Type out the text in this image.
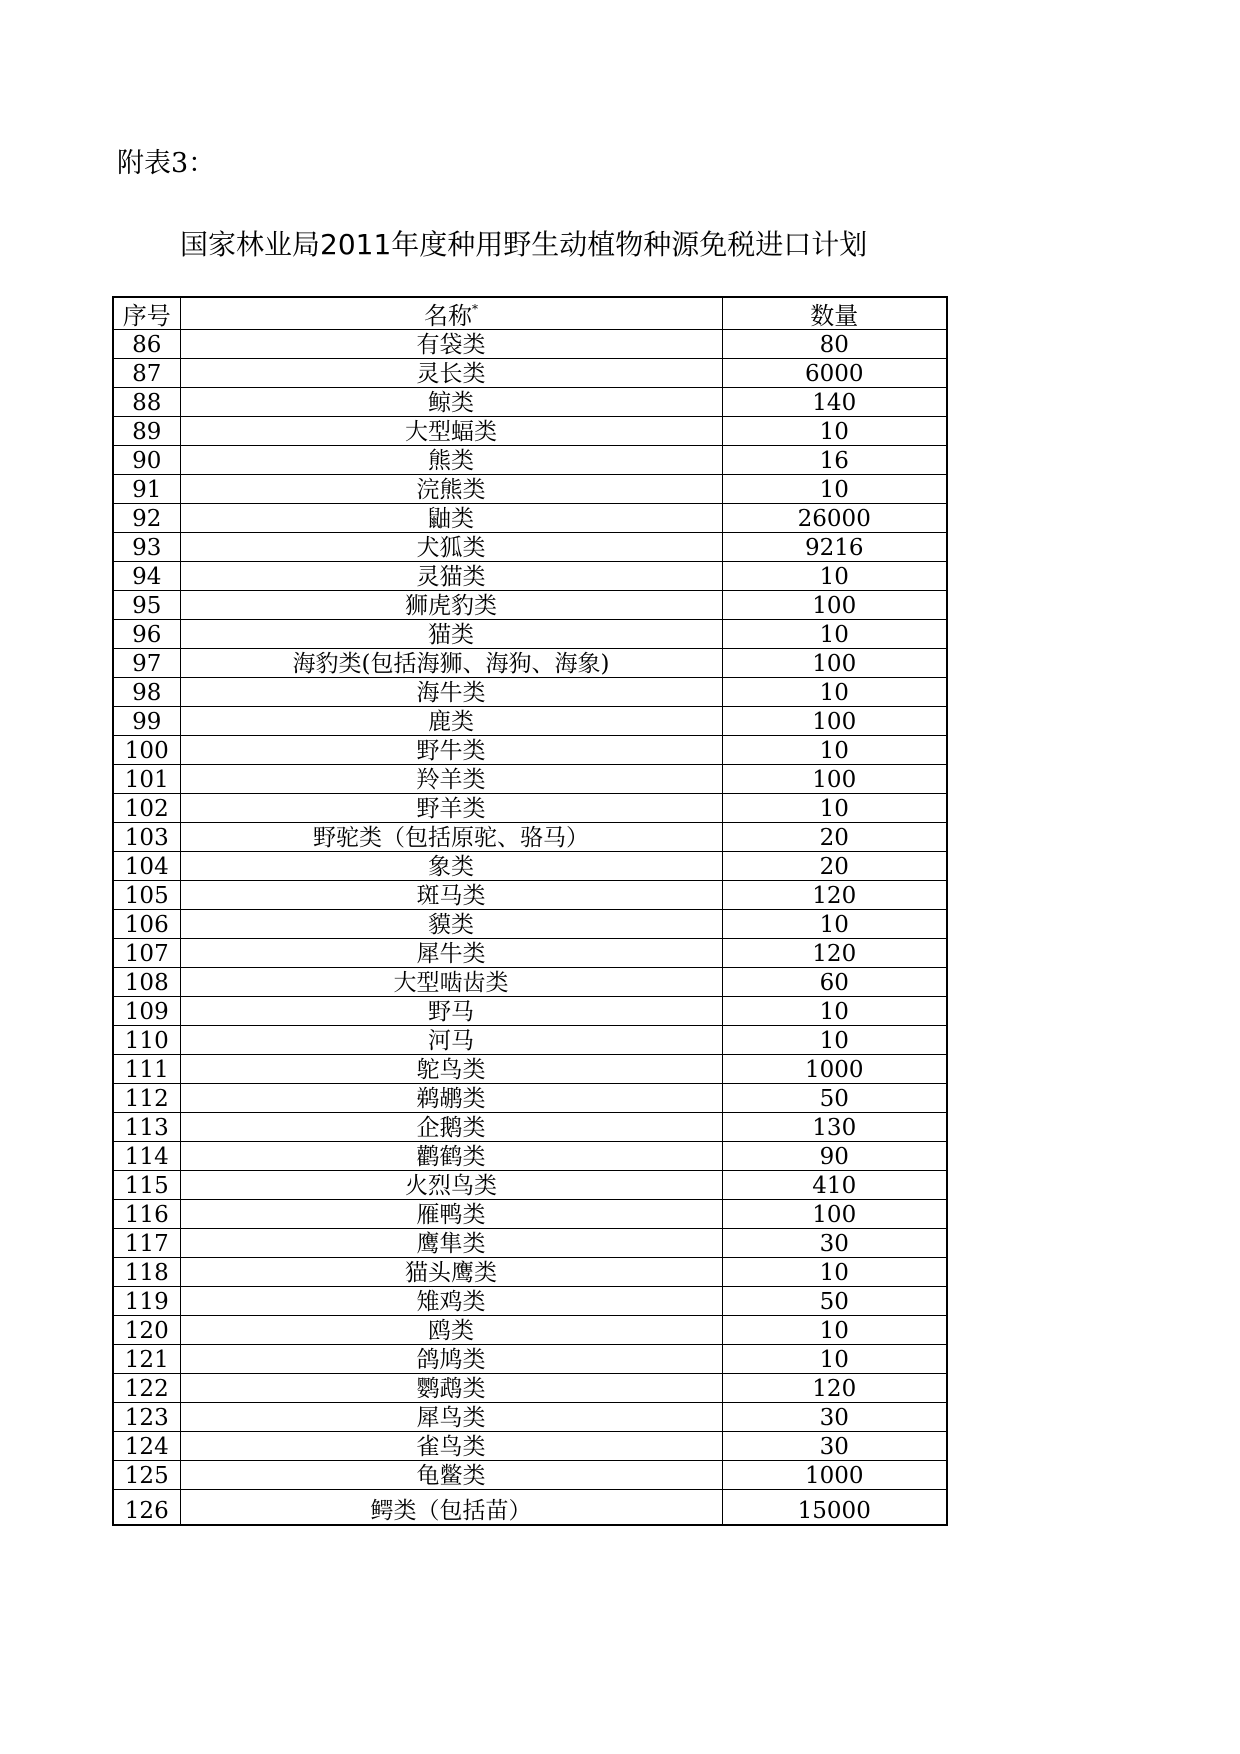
附表3：
国家林业局2011年度种用野生动植物种源免税进口计划
序号	名称*	数量
86	有袋类	80
87	灵长类	6000
88	鲸类	140
89	大型蝠类	10
90	熊类	16
91	浣熊类	10
92	鼬类	26000
93	犬狐类	9216
94	灵猫类	10
95	狮虎豹类	100
96	猫类	10
97	海豹类(包括海狮、海狗、海象)	100
98	海牛类	10
99	鹿类	100
100	野牛类	10
101	羚羊类	100
102	野羊类	10
103	野驼类（包括原驼、骆马）	20
104	象类	20
105	斑马类	120
106	貘类	10
107	犀牛类	120
108	大型啮齿类	60
109	野马	10
110	河马	10
111	鸵鸟类	1000
112	鹈鹕类	50
113	企鹅类	130
114	鹳鹤类	90
115	火烈鸟类	410
116	雁鸭类	100
117	鹰隼类	30
118	猫头鹰类	10
119	雉鸡类	50
120	鸥类	10
121	鸽鸠类	10
122	鹦鹉类	120
123	犀鸟类	30
124	雀鸟类	30
125	龟鳖类	1000
126	鳄类（包括苗）	15000
